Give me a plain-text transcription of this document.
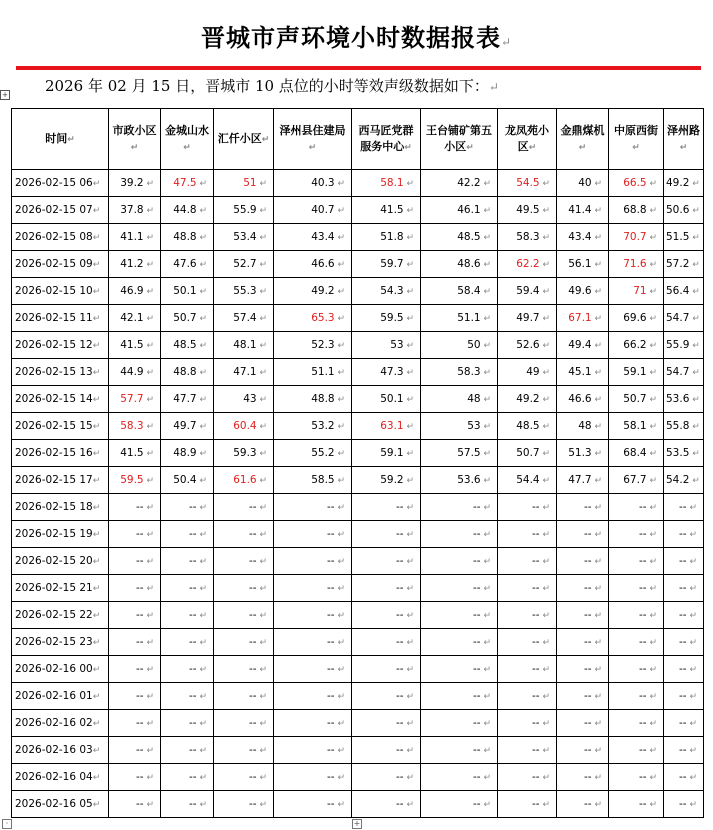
晋城市声环境小时数据报表↵
2026 年 02 月 15 日，晋城市 10 点位的小时等效声级数据如下：↵
+
时间↵	市政小区↵	金城山水↵	汇仟小区↵	泽州县住建局↵	西马匠党群服务中心↵	王台铺矿第五小区↵	龙凤苑小区↵	金鼎煤机↵	中原西街↵	泽州路↵
2026-02-15 06↵	39.2 ↵	47.5 ↵	51 ↵	40.3 ↵	58.1 ↵	42.2 ↵	54.5 ↵	40 ↵	66.5 ↵	49.2 ↵
2026-02-15 07↵	37.8 ↵	44.8 ↵	55.9 ↵	40.7 ↵	41.5 ↵	46.1 ↵	49.5 ↵	41.4 ↵	68.8 ↵	50.6 ↵
2026-02-15 08↵	41.1 ↵	48.8 ↵	53.4 ↵	43.4 ↵	51.8 ↵	48.5 ↵	58.3 ↵	43.4 ↵	70.7 ↵	51.5 ↵
2026-02-15 09↵	41.2 ↵	47.6 ↵	52.7 ↵	46.6 ↵	59.7 ↵	48.6 ↵	62.2 ↵	56.1 ↵	71.6 ↵	57.2 ↵
2026-02-15 10↵	46.9 ↵	50.1 ↵	55.3 ↵	49.2 ↵	54.3 ↵	58.4 ↵	59.4 ↵	49.6 ↵	71 ↵	56.4 ↵
2026-02-15 11↵	42.1 ↵	50.7 ↵	57.4 ↵	65.3 ↵	59.5 ↵	51.1 ↵	49.7 ↵	67.1 ↵	69.6 ↵	54.7 ↵
2026-02-15 12↵	41.5 ↵	48.5 ↵	48.1 ↵	52.3 ↵	53 ↵	50 ↵	52.6 ↵	49.4 ↵	66.2 ↵	55.9 ↵
2026-02-15 13↵	44.9 ↵	48.8 ↵	47.1 ↵	51.1 ↵	47.3 ↵	58.3 ↵	49 ↵	45.1 ↵	59.1 ↵	54.7 ↵
2026-02-15 14↵	57.7 ↵	47.7 ↵	43 ↵	48.8 ↵	50.1 ↵	48 ↵	49.2 ↵	46.6 ↵	50.7 ↵	53.6 ↵
2026-02-15 15↵	58.3 ↵	49.7 ↵	60.4 ↵	53.2 ↵	63.1 ↵	53 ↵	48.5 ↵	48 ↵	58.1 ↵	55.8 ↵
2026-02-15 16↵	41.5 ↵	48.9 ↵	59.3 ↵	55.2 ↵	59.1 ↵	57.5 ↵	50.7 ↵	51.3 ↵	68.4 ↵	53.5 ↵
2026-02-15 17↵	59.5 ↵	50.4 ↵	61.6 ↵	58.5 ↵	59.2 ↵	53.6 ↵	54.4 ↵	47.7 ↵	67.7 ↵	54.2 ↵
2026-02-15 18↵	-- ↵	-- ↵	-- ↵	-- ↵	-- ↵	-- ↵	-- ↵	-- ↵	-- ↵	-- ↵
2026-02-15 19↵	-- ↵	-- ↵	-- ↵	-- ↵	-- ↵	-- ↵	-- ↵	-- ↵	-- ↵	-- ↵
2026-02-15 20↵	-- ↵	-- ↵	-- ↵	-- ↵	-- ↵	-- ↵	-- ↵	-- ↵	-- ↵	-- ↵
2026-02-15 21↵	-- ↵	-- ↵	-- ↵	-- ↵	-- ↵	-- ↵	-- ↵	-- ↵	-- ↵	-- ↵
2026-02-15 22↵	-- ↵	-- ↵	-- ↵	-- ↵	-- ↵	-- ↵	-- ↵	-- ↵	-- ↵	-- ↵
2026-02-15 23↵	-- ↵	-- ↵	-- ↵	-- ↵	-- ↵	-- ↵	-- ↵	-- ↵	-- ↵	-- ↵
2026-02-16 00↵	-- ↵	-- ↵	-- ↵	-- ↵	-- ↵	-- ↵	-- ↵	-- ↵	-- ↵	-- ↵
2026-02-16 01↵	-- ↵	-- ↵	-- ↵	-- ↵	-- ↵	-- ↵	-- ↵	-- ↵	-- ↵	-- ↵
2026-02-16 02↵	-- ↵	-- ↵	-- ↵	-- ↵	-- ↵	-- ↵	-- ↵	-- ↵	-- ↵	-- ↵
2026-02-16 03↵	-- ↵	-- ↵	-- ↵	-- ↵	-- ↵	-- ↵	-- ↵	-- ↵	-- ↵	-- ↵
2026-02-16 04↵	-- ↵	-- ↵	-- ↵	-- ↵	-- ↵	-- ↵	-- ↵	-- ↵	-- ↵	-- ↵
2026-02-16 05↵	-- ↵	-- ↵	-- ↵	-- ↵	-- ↵	-- ↵	-- ↵	-- ↵	-- ↵	-- ↵
·	+
